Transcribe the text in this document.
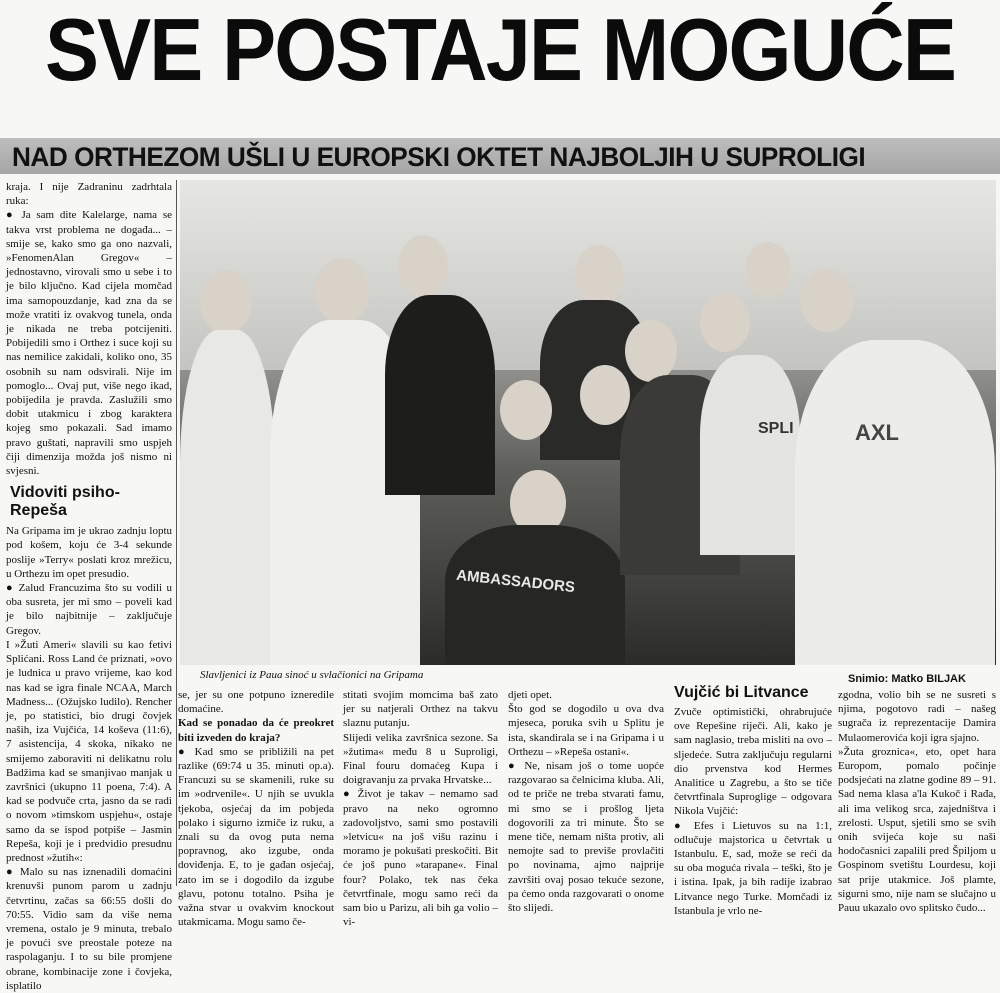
SVE POSTAJE MOGUĆE
NAD ORTHEZOM UŠLI U EUROPSKI OKTET NAJBOLJIH U SUPROLIGI

kraja. I nije Zadraninu zadrhtala ruka:

● Ja sam dite Kalelarge, nama se takva vrst problema ne događa... – smije se, kako smo ga ono nazvali, »FenomenAlan Gregov« – jednostavno, virovali smo u sebe i to je bilo ključno. Kad cijela momčad ima samopouzdanje, kad zna da se može vratiti iz ovakvog tunela, onda je nikada ne treba potcijeniti. Pobijedili smo i Orthez i suce koji su nas nemilice zakidali, koliko ono, 35 osobnih su nam odsvirali. Nije im pomoglo... Ovaj put, više nego ikad, pobijedila je pravda. Zaslužili smo dobit utakmicu i zbog karaktera kojeg smo pokazali. Sad imamo pravo guštati, napravili smo uspjeh čiji dimenzija možda još nismo ni svjesni.

Vidoviti psiho-Repeša

Na Gripama im je ukrao zadnju loptu pod košem, koju će 3-4 sekunde poslije »Terry« poslati kroz mrežicu, u Orthezu im opet presudio.

● Zalud Francuzima što su vodili u oba susreta, jer mi smo – poveli kad je bilo najbitnije – zaključuje Gregov.

I »Žuti Ameri« slavili su kao fetivi Splićani. Ross Land će priznati, »ovo je ludnica u pravo vrijeme, kao kod nas kad se igra finale NCAA, March Madness... (Ožujsko ludilo). Rencher je, po statistici, bio drugi čovjek naših, iza Vujčića, 14 koševa (11:6), 7 asistencija, 4 skoka, nikako ne smijemo zaboraviti ni delikatnu rolu Badžima kad se smanjivao manjak u završnici (ukupno 11 poena, 7:4). A kad se podvuče crta, jasno da se radi o novom »timskom uspjehu«, ostaje samo da se ispod potpiše – Jasmin Repeša, koji je i predvidio presudnu prednost »žutih«:

● Malo su nas iznenadili domaćini krenuvši punom parom u zadnju četvrtinu, začas sa 66:55 došli do 70:55. Vidio sam da više nema vremena, ostalo je 9 minuta, trebalo je povući sve preostale poteze na raspolaganju. I to su bile promjene obrane, kombinacije zone i čovjeka, isplatilo

AMBASSADORS
AXL
SPLI
Slavljenici iz Paua sinoć u svlačionici na Gripama	Snimio: Matko BILJAK

se, jer su one potpuno izneredile domaćine.

Kad se ponadao da će preokret biti izveden do kraja?

● Kad smo se približili na pet razlike (69:74 u 35. minuti op.a). Francuzi su se skamenili, ruke su im »odrvenile«. U njih se uvukla tjekoba, osjećaj da im pobjeda polako i sigurno izmiče iz ruku, a znali su da ovog puta nema popravnog, ako izgube, ondа doviđenja. E, to je gađan osjećaj, zato im se i dogodilo da izgube glavu, potonu totalno. Psiha je važna stvar u ovakvim knockout utakmicama. Mogu samo če-

stitati svojim momcima baš zato jer su natjerali Orthez na takvu slaznu putanju.

Slijedi velika završnica sezone. Sa »žutima« među 8 u Suproligi, Final fouru domaćeg Kupa i doigravanju za prvaka Hrvatske...

● Život je takav – nemamo sad pravo na neko ogromno zadovoljstvo, sami smo postavili »letvicu« na još višu razinu i moramo je pokušati preskočiti. Bit će još puno »tarapane«. Final four? Polako, tek nas čeka četvrtfinale, mogu samo reći da sam bio u Parizu, ali bih ga volio – vi-

djeti opet.

Što god se dogodilo u ova dva mjeseca, poruka svih u Splitu je ista, skandirala se i na Gripama i u Orthezu – »Repeša ostani«.

● Ne, nisam još o tome uopće razgovarao sa čelnicima kluba. Ali, od te priče ne treba stvarati famu, mi smo se i prošlog ljeta dogovorili za tri minute. Što se mene tiče, nemam ništa protiv, ali nemojte sad to previše provlačiti po novinama, ajmo najprije završiti ovaj posao tekuće sezone, pa ćemo onda razgovarati o onome što slijedi.

Vujčić bi Litvance

Zvuče optimistički, ohrabrujuće ove Repešine riječi. Ali, kako je sam naglasio, treba misliti na ovo – sljedeće. Sutra zaključuju regularni dio prvenstva kod Hermes Analitice u Zagrebu, a što se tiče četvrtfinala Suproglige – odgovara Nikola Vujčić:

● Efes i Lietuvos su na 1:1, odlučuje majstorica u četvrtak u Istanbulu. E, sad, može se reći da su oba moguća rivala – teški, što je i istina. Ipak, ja bih radije izabrao Litvance nego Turke. Momčadi iz Istanbula je vrlo ne-

zgodna, volio bih se ne susreti s njima, pogotovo radi – našeg sugrača iz reprezentacije Damira Mulaomerovića koji igra sjajno.

»Žuta groznica«, eto, opet hara Europom, pomalo počinje podsjećati na zlatne godine 89 – 91. Sad nema klasa a'la Kukoč i Rađa, ali ima velikog srca, zajedništva i zrelosti. Usput, sjetili smo se svih onih svijeća koje su naši hodočasnici zapalili pred Špiljom u Gospinom svetištu Lourdesu, koji sat prije utakmice. Još plamte, sigurni smo, nije nam se slučajno u Pauu ukazalo ovo splitsko čudo...
